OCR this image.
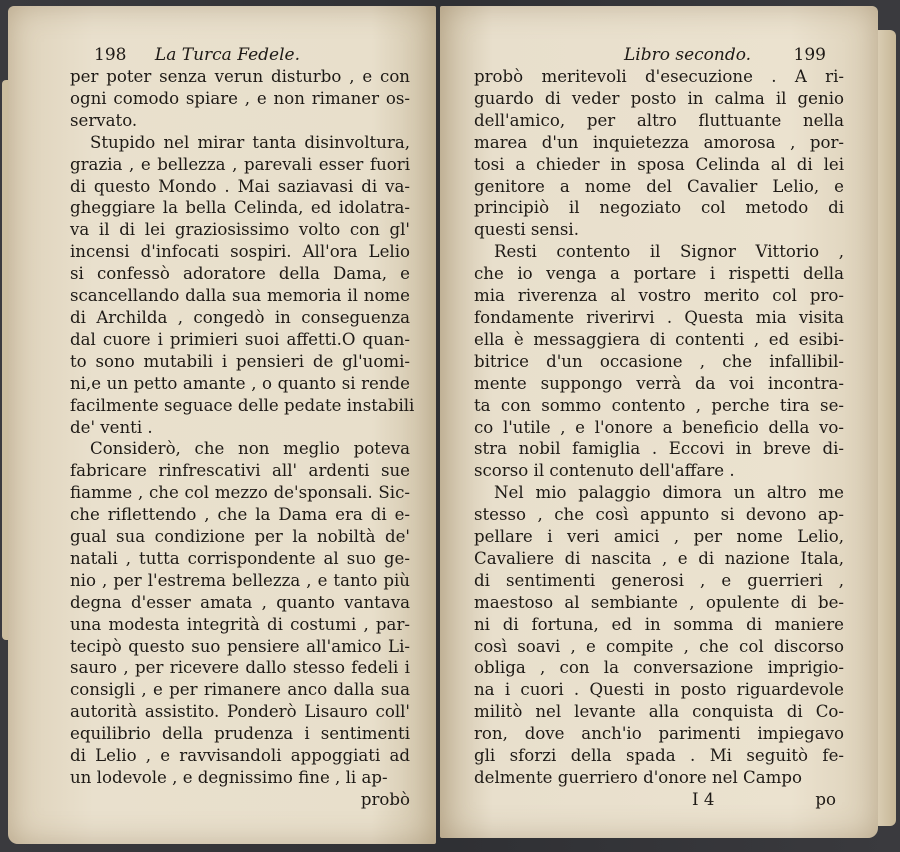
198 La Turca Fedele.
per poter senza verun disturbo , e con
ogni comodo spiare , e non rimaner os-
servato.
Stupido nel mirar tanta disinvoltura,
grazia , e bellezza , parevali esser fuori
di questo Mondo . Mai saziavasi di va-
gheggiare la bella Celinda, ed idolatra-
va il di lei graziosissimo volto con gl'
incensi d'infocati sospiri. All'ora Lelio
si confessò adoratore della Dama, e
scancellando dalla sua memoria il nome
di Archilda , congedò in conseguenza
dal cuore i primieri suoi affetti.O quan-
to sono mutabili i pensieri de gl'uomi-
ni,e un petto amante , o quanto si rende
facilmente seguace delle pedate instabili
de' venti .
Considerò, che non meglio poteva
fabricare rinfrescativi all' ardenti sue
fiamme , che col mezzo de'sponsali. Sic-
che riflettendo , che la Dama era di e-
gual sua condizione per la nobiltà de'
natali , tutta corrispondente al suo ge-
nio , per l'estrema bellezza , e tanto più
degna d'esser amata , quanto vantava
una modesta integrità di costumi , par-
tecipò questo suo pensiere all'amico Li-
sauro , per ricevere dallo stesso fedeli i
consigli , e per rimanere anco dalla sua
autorità assistito. Ponderò Lisauro coll'
equilibrio della prudenza i sentimenti
di Lelio , e ravvisandoli appoggiati ad
un lodevole , e degnissimo fine , li ap-
probò
Libro secondo. 199
probò meritevoli d'esecuzione . A ri-
guardo di veder posto in calma il genio
dell'amico, per altro fluttuante nella
marea d'un inquietezza amorosa , por-
tosi a chieder in sposa Celinda al di lei
genitore a nome del Cavalier Lelio, e
principiò il negoziato col metodo di
questi sensi.
Resti contento il Signor Vittorio ,
che io venga a portare i rispetti della
mia riverenza al vostro merito col pro-
fondamente riverirvi . Questa mia visita
ella è messaggiera di contenti , ed esibi-
bitrice d'un occasione , che infallibil-
mente suppongo verrà da voi incontra-
ta con sommo contento , perche tira se-
co l'utile , e l'onore a beneficio della vo-
stra nobil famiglia . Eccovi in breve di-
scorso il contenuto dell'affare .
Nel mio palaggio dimora un altro me
stesso , che così appunto si devono ap-
pellare i veri amici , per nome Lelio,
Cavaliere di nascita , e di nazione Itala,
di sentimenti generosi , e guerrieri ,
maestoso al sembiante , opulente di be-
ni di fortuna, ed in somma di maniere
così soavi , e compite , che col discorso
obliga , con la conversazione imprigio-
na i cuori . Questi in posto riguardevole
militò nel levante alla conquista di Co-
ron, dove anch'io parimenti impiegavo
gli sforzi della spada . Mi seguitò fe-
delmente guerriero d'onore nel Campo
I 4	po
